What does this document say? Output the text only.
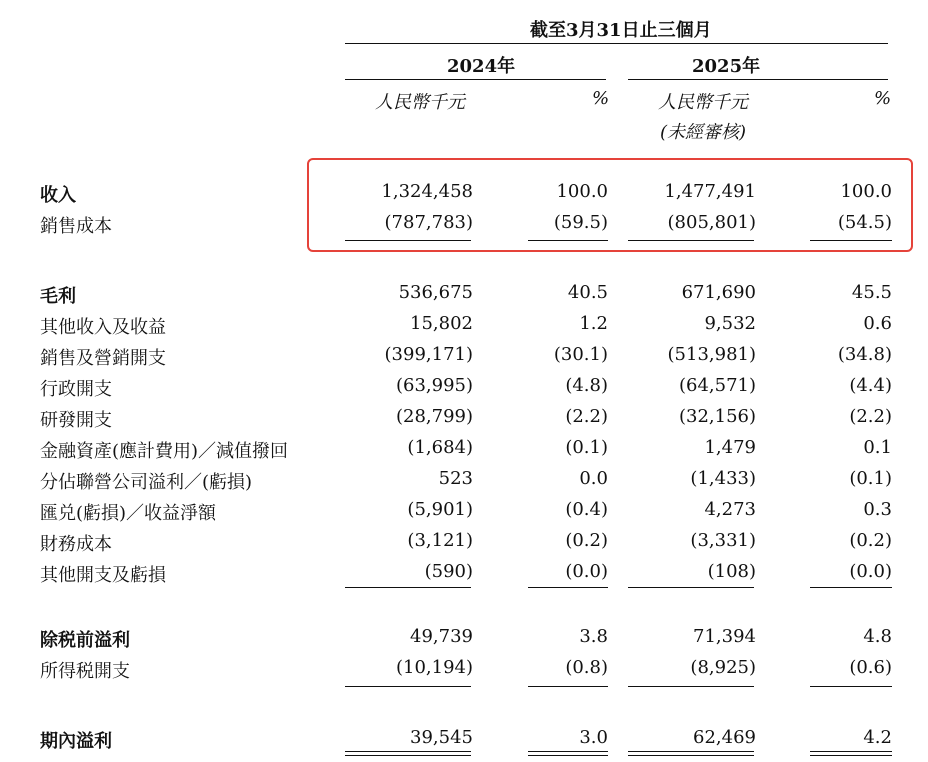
截至3月31日止三個月
2024年	2025年
人民幣千元	%	人民幣千元	%
(未經審核)
收入	1,324,458	100.0	1,477,491	100.0
銷售成本	(787,783)	(59.5)	(805,801)	(54.5)
毛利	536,675	40.5	671,690	45.5
其他收入及收益	15,802	1.2	9,532	0.6
銷售及營銷開支	(399,171)	(30.1)	(513,981)	(34.8)
行政開支	(63,995)	(4.8)	(64,571)	(4.4)
研發開支	(28,799)	(2.2)	(32,156)	(2.2)
金融資產(應計費用)／減值撥回	(1,684)	(0.1)	1,479	0.1
分佔聯營公司溢利／(虧損)	523	0.0	(1,433)	(0.1)
匯兑(虧損)／收益淨額	(5,901)	(0.4)	4,273	0.3
財務成本	(3,121)	(0.2)	(3,331)	(0.2)
其他開支及虧損	(590)	(0.0)	(108)	(0.0)
除税前溢利	49,739	3.8	71,394	4.8
所得税開支	(10,194)	(0.8)	(8,925)	(0.6)
期內溢利	39,545	3.0	62,469	4.2
